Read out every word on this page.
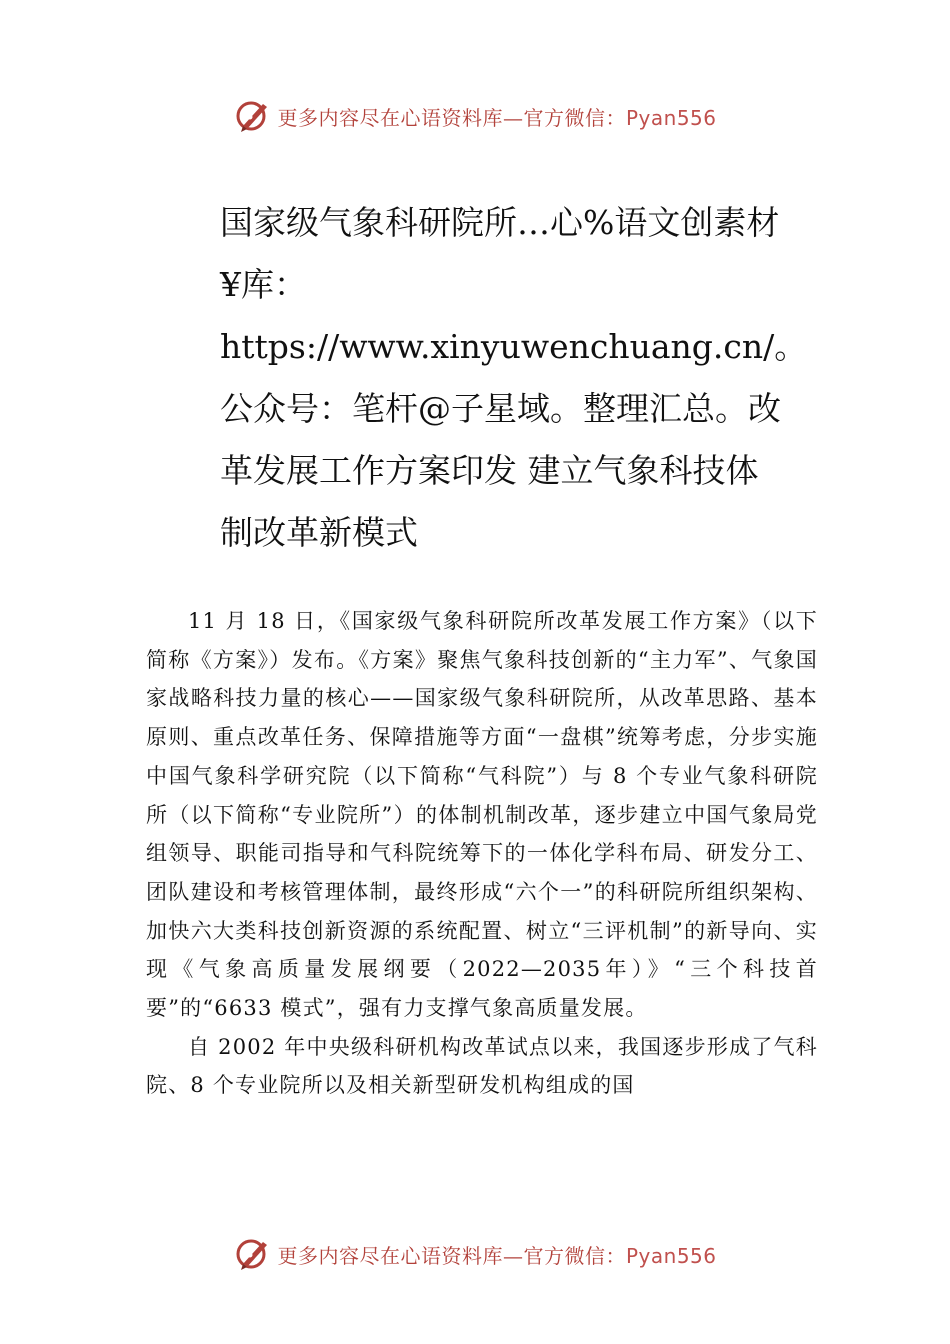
更多内容尽在心语资料库—官方微信：Pyan556
国家级气象科研院所…心%语文创素材¥库：https://www.xinyuwenchuang.cn/。公众号：笔杆@子星域。整理汇总。改革发展工作方案印发 建立气象科技体制改革新模式

11 月 18 日，《国家级气象科研院所改革发展工作方案》（以下简称《方案》）发布。《方案》聚焦气象科技创新的“主力军”、气象国家战略科技力量的核心——国家级气象科研院所，从改革思路、基本原则、重点改革任务、保障措施等方面“一盘棋”统筹考虑，分步实施中国气象科学研究院（以下简称“气科院”）与 8 个专业气象科研院所（以下简称“专业院所”）的体制机制改革，逐步建立中国气象局党组领导、职能司指导和气科院统筹下的一体化学科布局、研发分工、团队建设和考核管理体制，最终形成“六个一”的科研院所组织架构、加快六大类科技创新资源的系统配置、树立“三评机制”的新导向、实现《气象高质量发展纲要（2022—2035年）》“三个科技首要”的“6633 模式”，强有力支撑气象高质量发展。

自 2002 年中央级科研机构改革试点以来，我国逐步形成了气科院、8 个专业院所以及相关新型研发机构组成的国

更多内容尽在心语资料库—官方微信：Pyan556
